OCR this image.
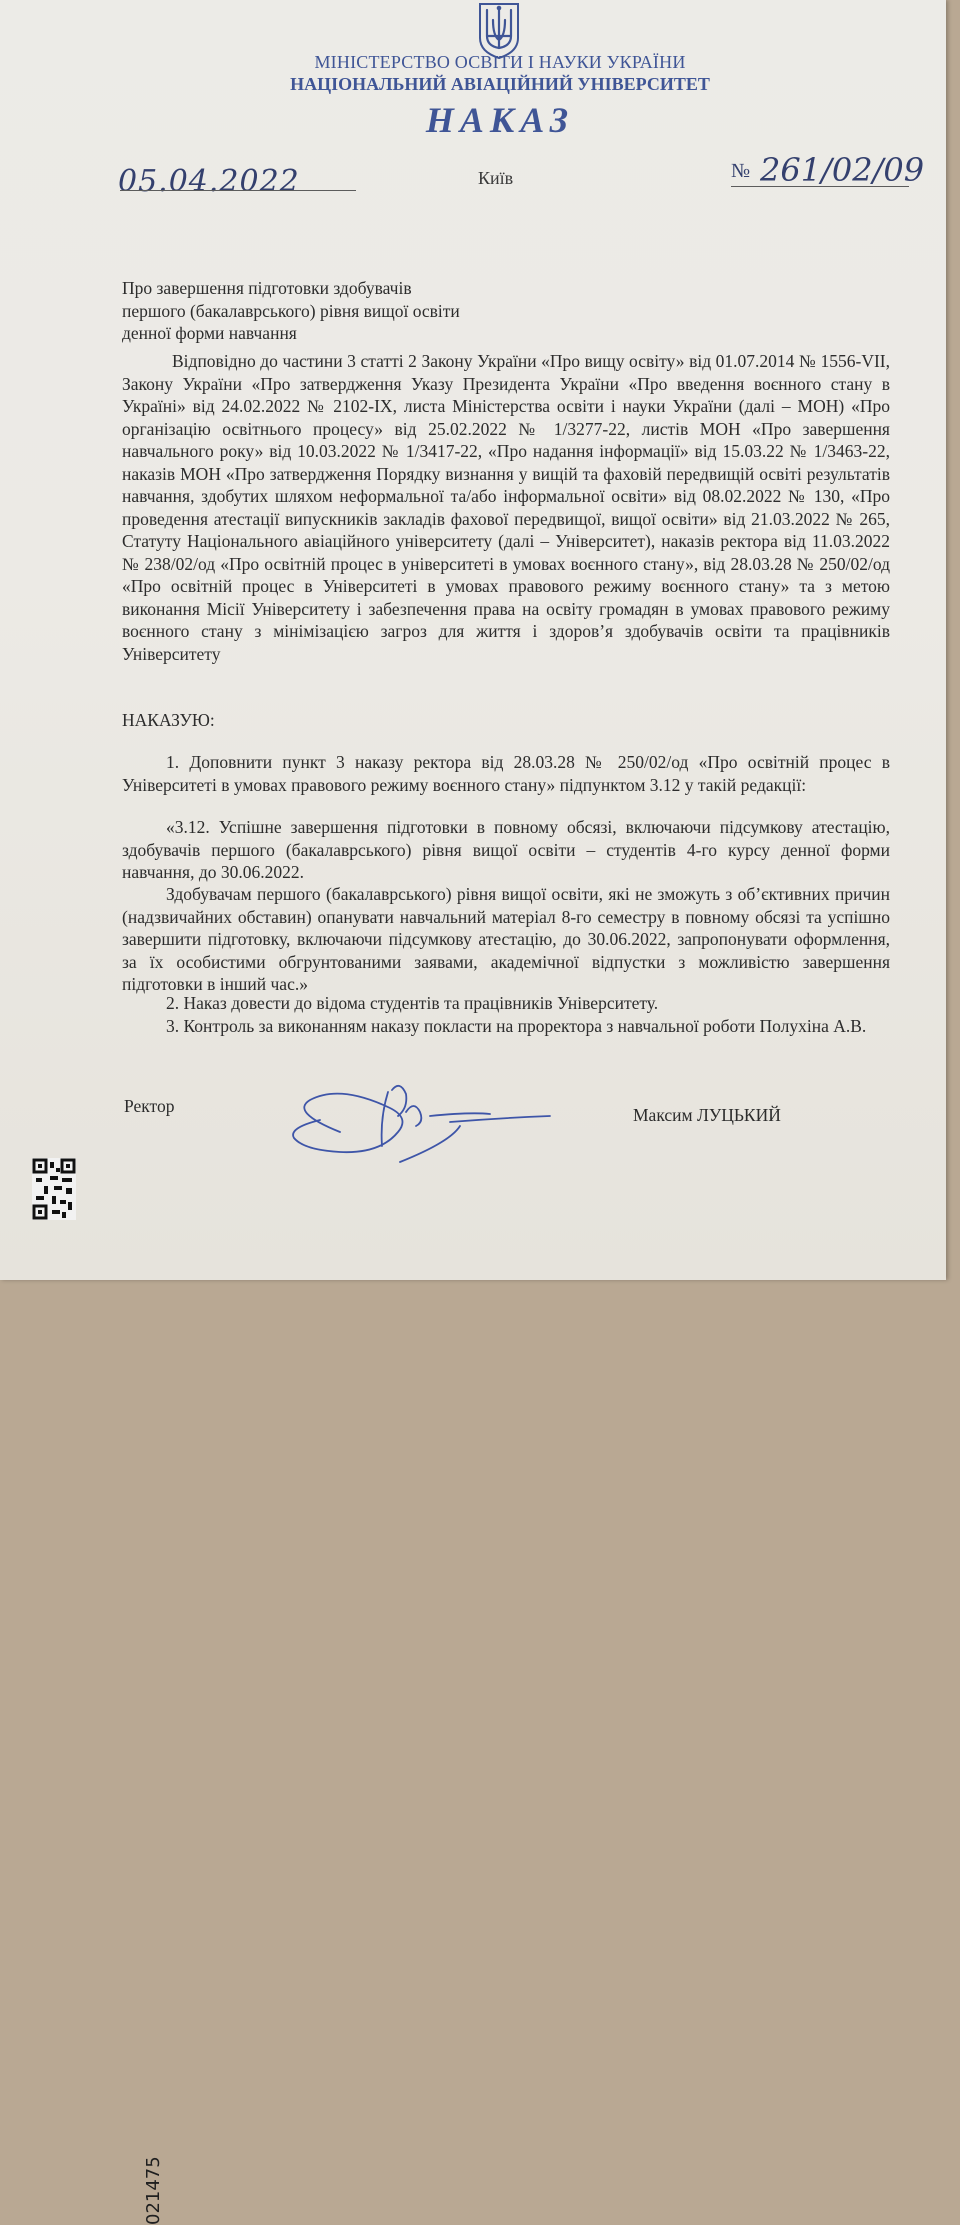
МІНІСТЕРСТВО ОСВІТИ І НАУКИ УКРАЇНИ

НАЦІОНАЛЬНИЙ АВІАЦІЙНИЙ УНІВЕРСИТЕТ

НАКАЗ

05.04.2022	Київ	№ 261/02/09

Про завершення підготовки здобувачів першого (бакалаврського) рівня вищої освіти денної форми навчання

Відповідно до частини 3 статті 2 Закону України «Про вищу освіту» від 01.07.2014 № 1556-VII, Закону України «Про затвердження Указу Президента України «Про введення воєнного стану в Україні» від 24.02.2022 № 2102-IX, листа Міністерства освіти і науки України (далі – МОН) «Про організацію освітнього процесу» від 25.02.2022 № 1/3277-22, листів МОН «Про завершення навчального року» від 10.03.2022 № 1/3417-22, «Про надання інформації» від 15.03.22 № 1/3463-22, наказів МОН «Про затвердження Порядку визнання у вищій та фаховій передвищій освіті результатів навчання, здобутих шляхом неформальної та/або інформальної освіти» від 08.02.2022 № 130, «Про проведення атестації випускників закладів фахової передвищої, вищої освіти» від 21.03.2022 № 265, Статуту Національного авіаційного університету (далі – Університет), наказів ректора від 11.03.2022 № 238/02/од «Про освітній процес в університеті в умовах воєнного стану», від 28.03.28 № 250/02/од «Про освітній процес в Університеті в умовах правового режиму воєнного стану» та з метою виконання Місії Університету і забезпечення права на освіту громадян в умовах правового режиму воєнного стану з мінімізацією загроз для життя і здоров’я здобувачів освіти та працівників Університету

НАКАЗУЮ:

1. Доповнити пункт 3 наказу ректора від 28.03.28 № 250/02/од «Про освітній процес в Університеті в умовах правового режиму воєнного стану» підпунктом 3.12 у такій редакції:

«3.12. Успішне завершення підготовки в повному обсязі, включаючи підсумкову атестацію, здобувачів першого (бакалаврського) рівня вищої освіти – студентів 4-го курсу денної форми навчання, до 30.06.2022.

Здобувачам першого (бакалаврського) рівня вищої освіти, які не зможуть з об’єктивних причин (надзвичайних обставин) опанувати навчальний матеріал 8-го семестру в повному обсязі та успішно завершити підготовку, включаючи підсумкову атестацію, до 30.06.2022, запропонувати оформлення, за їх особистими обгрунтованими заявами, академічної відпустки з можливістю завершення підготовки в інший час.»

2. Наказ довести до відома студентів та працівників Університету.

3. Контроль за виконанням наказу покласти на проректора з навчальної роботи Полухіна А.В.

Ректор	Максим ЛУЦЬКИЙ
021475
